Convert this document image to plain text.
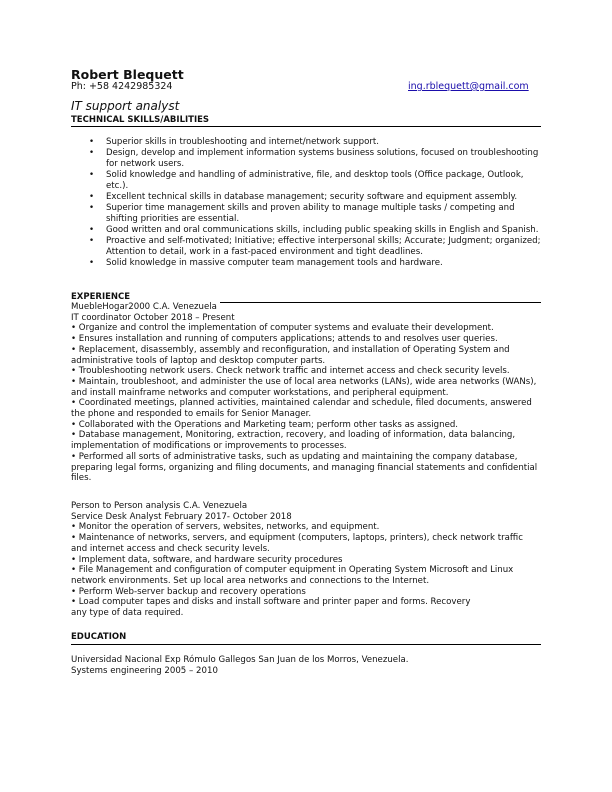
Robert Blequett
Ph: +58 4242985324	ing.rblequett@gmail.com
IT support analyst
TECHNICAL SKILLS/ABILITIES
• Superior skills in troubleshooting and internet/network support.
• Design, develop and implement information systems business solutions, focused on troubleshooting for network users.
• Solid knowledge and handling of administrative, file, and desktop tools (Office package, Outlook, etc.).
• Excellent technical skills in database management; security software and equipment assembly.
• Superior time management skills and proven ability to manage multiple tasks / competing and shifting priorities are essential.
• Good written and oral communications skills, including public speaking skills in English and Spanish.
• Proactive and self-motivated; Initiative; effective interpersonal skills; Accurate; Judgment; organized; Attention to detail, work in a fast-paced environment and tight deadlines.
• Solid knowledge in massive computer team management tools and hardware.
EXPERIENCE
MuebleHogar2000 C.A. Venezuela
IT coordinator October 2018 – Present
• Organize and control the implementation of computer systems and evaluate their development.
• Ensures installation and running of computers applications; attends to and resolves user queries.
• Replacement, disassembly, assembly and reconfiguration, and installation of Operating System and administrative tools of laptop and desktop computer parts.
• Troubleshooting network users. Check network traffic and internet access and check security levels.
• Maintain, troubleshoot, and administer the use of local area networks (LANs), wide area networks (WANs), and install mainframe networks and computer workstations, and peripheral equipment.
• Coordinated meetings, planned activities, maintained calendar and schedule, filed documents, answered the phone and responded to emails for Senior Manager.
• Collaborated with the Operations and Marketing team; perform other tasks as assigned.
• Database management, Monitoring, extraction, recovery, and loading of information, data balancing, implementation of modifications or improvements to processes.
• Performed all sorts of administrative tasks, such as updating and maintaining the company database, preparing legal forms, organizing and filing documents, and managing financial statements and confidential files.
Person to Person analysis C.A. Venezuela
Service Desk Analyst February 2017- October 2018
• Monitor the operation of servers, websites, networks, and equipment.
• Maintenance of networks, servers, and equipment (computers, laptops, printers), check network traffic and internet access and check security levels.
• Implement data, software, and hardware security procedures
• File Management and configuration of computer equipment in Operating System Microsoft and Linux network environments. Set up local area networks and connections to the Internet.
• Perform Web-server backup and recovery operations
• Load computer tapes and disks and install software and printer paper and forms. Recovery
any type of data required.
EDUCATION
Universidad Nacional Exp Rómulo Gallegos San Juan de los Morros, Venezuela.
Systems engineering 2005 – 2010
